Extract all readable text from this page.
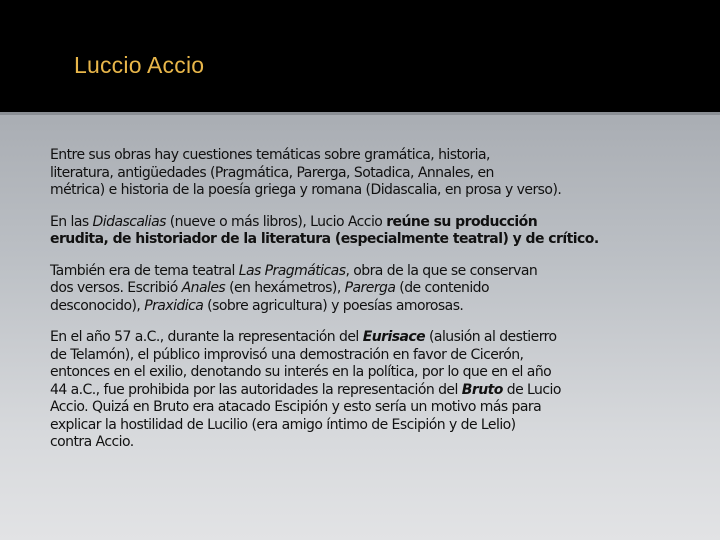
Luccio Accio

Entre sus obras hay cuestiones temáticas sobre gramática, historia,
literatura, antigüedades (Pragmática, Parerga, Sotadica, Annales, en
métrica) e historia de la poesía griega y romana (Didascalia, en prosa y verso).

En las Didascalias (nueve o más libros), Lucio Accio reúne su producción
erudita, de historiador de la literatura (especialmente teatral) y de crítico.

También era de tema teatral Las Pragmáticas, obra de la que se conservan
dos versos. Escribió Anales (en hexámetros), Parerga (de contenido
desconocido), Praxidica (sobre agricultura) y poesías amorosas.

En el año 57 a.C., durante la representación del Eurisace (alusión al destierro
de Telamón), el público improvisó una demostración en favor de Cicerón,
entonces en el exilio, denotando su interés en la política, por lo que en el año
44 a.C., fue prohibida por las autoridades la representación del Bruto de Lucio
Accio. Quizá en Bruto era atacado Escipión y esto sería un motivo más para
explicar la hostilidad de Lucilio (era amigo íntimo de Escipión y de Lelio)
contra Accio.
